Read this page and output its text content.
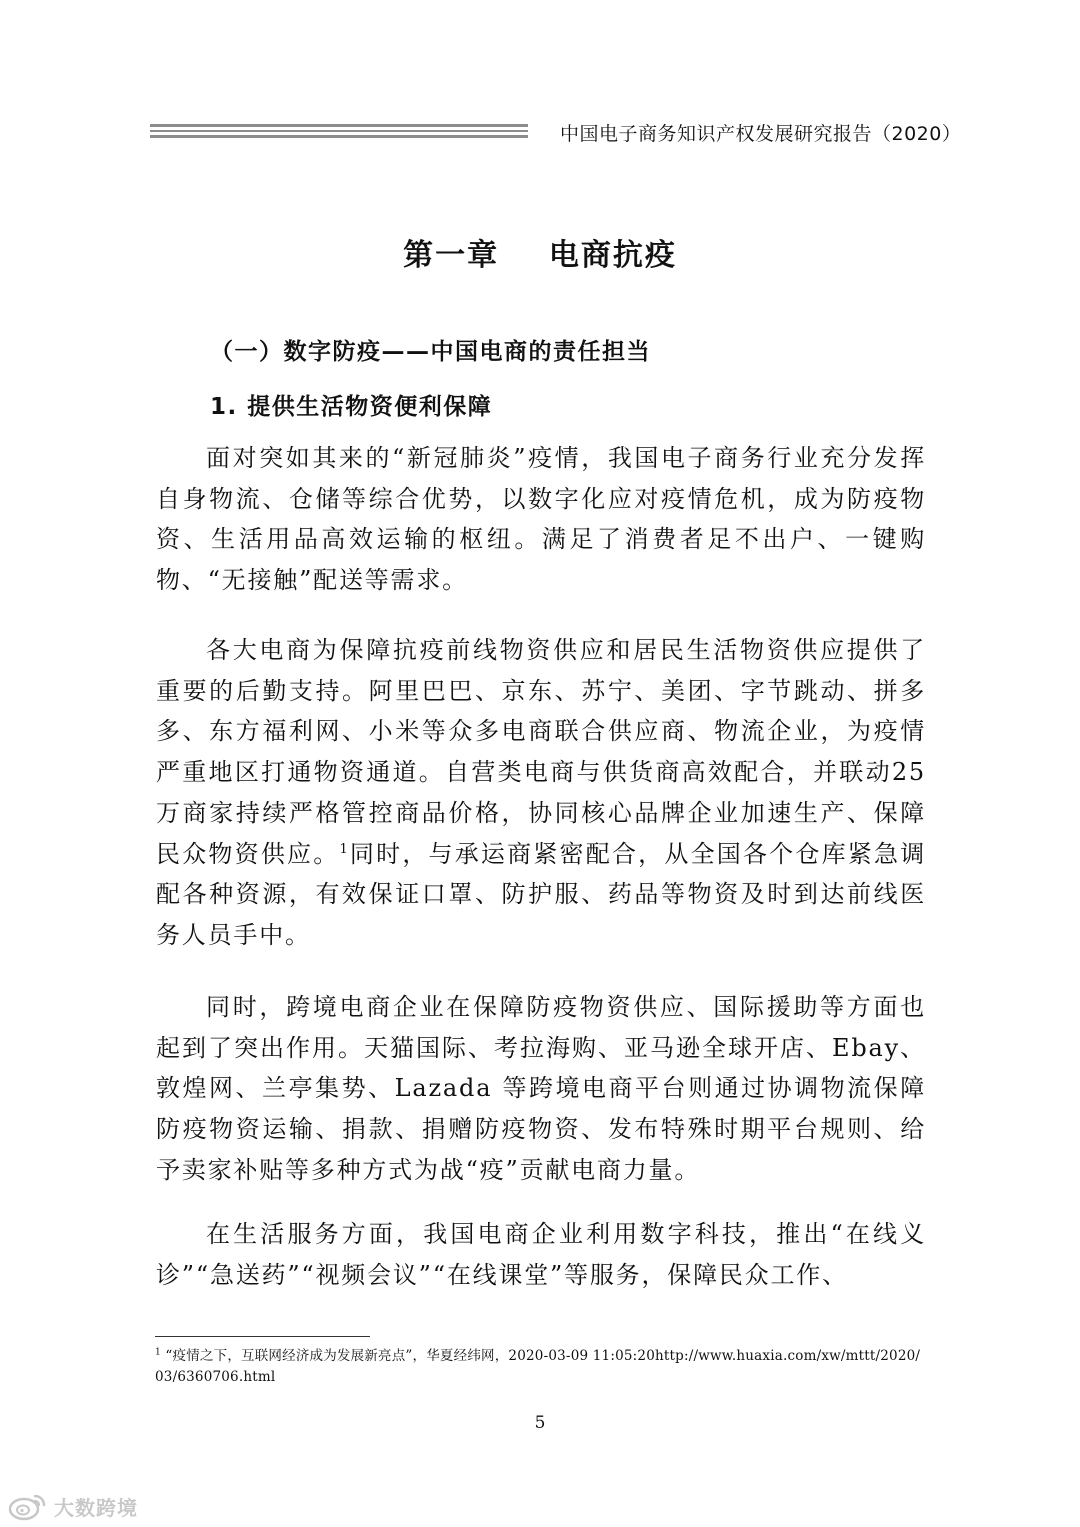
中国电子商务知识产权发展研究报告（2020）
第一章    电商抗疫
（一）数字防疫——中国电商的责任担当
1. 提供生活物资便利保障

面对突如其来的“新冠肺炎”疫情，我国电子商务行业充分发挥自身物流、仓储等综合优势，以数字化应对疫情危机，成为防疫物资、生活用品高效运输的枢纽。满足了消费者足不出户、一键购物、“无接触”配送等需求。

各大电商为保障抗疫前线物资供应和居民生活物资供应提供了重要的后勤支持。阿里巴巴、京东、苏宁、美团、字节跳动、拼多多、东方福利网、小米等众多电商联合供应商、物流企业，为疫情严重地区打通物资通道。自营类电商与供货商高效配合，并联动25万商家持续严格管控商品价格，协同核心品牌企业加速生产、保障民众物资供应。$^1$同时，与承运商紧密配合，从全国各个仓库紧急调配各种资源，有效保证口罩、防护服、药品等物资及时到达前线医务人员手中。

同时，跨境电商企业在保障防疫物资供应、国际援助等方面也起到了突出作用。天猫国际、考拉海购、亚马逊全球开店、Ebay、敦煌网、兰亭集势、Lazada 等跨境电商平台则通过协调物流保障防疫物资运输、捐款、捐赠防疫物资、发布特殊时期平台规则、给予卖家补贴等多种方式为战“疫”贡献电商力量。

在生活服务方面，我国电商企业利用数字科技，推出“在线义诊”“急送药”“视频会议”“在线课堂”等服务，保障民众工作、

$^1$ “疫情之下，互联网经济成为发展新亮点”，华夏经纬网，2020-03-09 11:05:20http://www.huaxia.com/xw/mttt/2020/03/6360706.html

5
大数跨境
